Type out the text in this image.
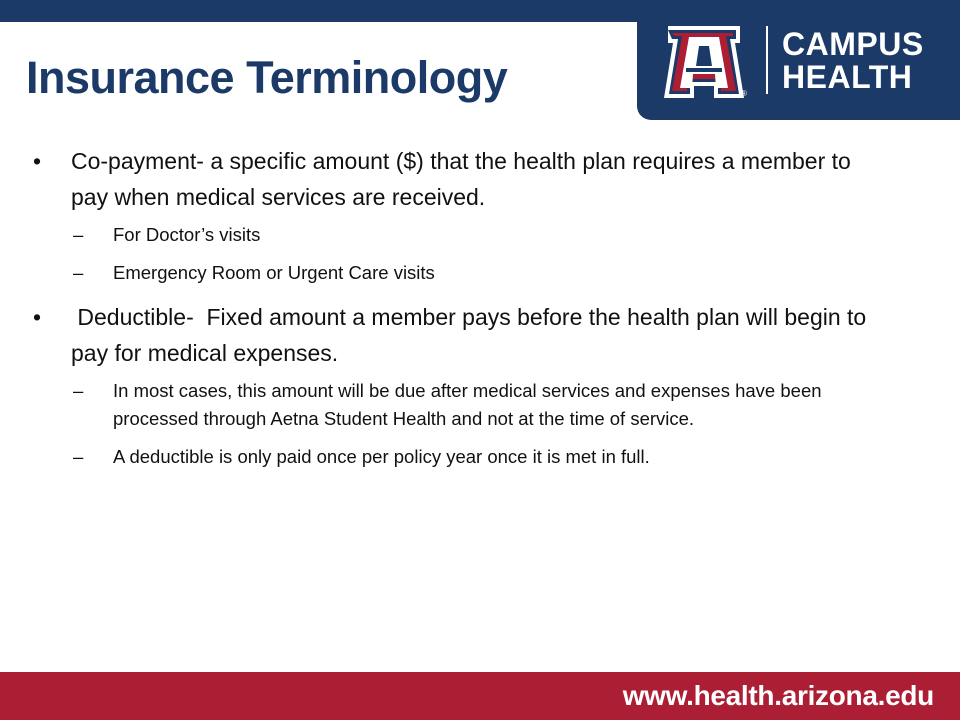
®
CAMPUS
HEALTH
Insurance Terminology
• Co-payment- a specific amount ($) that the health plan requires a member to pay when medical services are received.
– For Doctor’s visits
– Emergency Room or Urgent Care visits
• Deductible-  Fixed amount a member pays before the health plan will begin to pay for medical expenses.
– In most cases, this amount will be due after medical services and expenses have been processed through Aetna Student Health and not at the time of service.
– A deductible is only paid once per policy year once it is met in full.
www.health.arizona.edu
